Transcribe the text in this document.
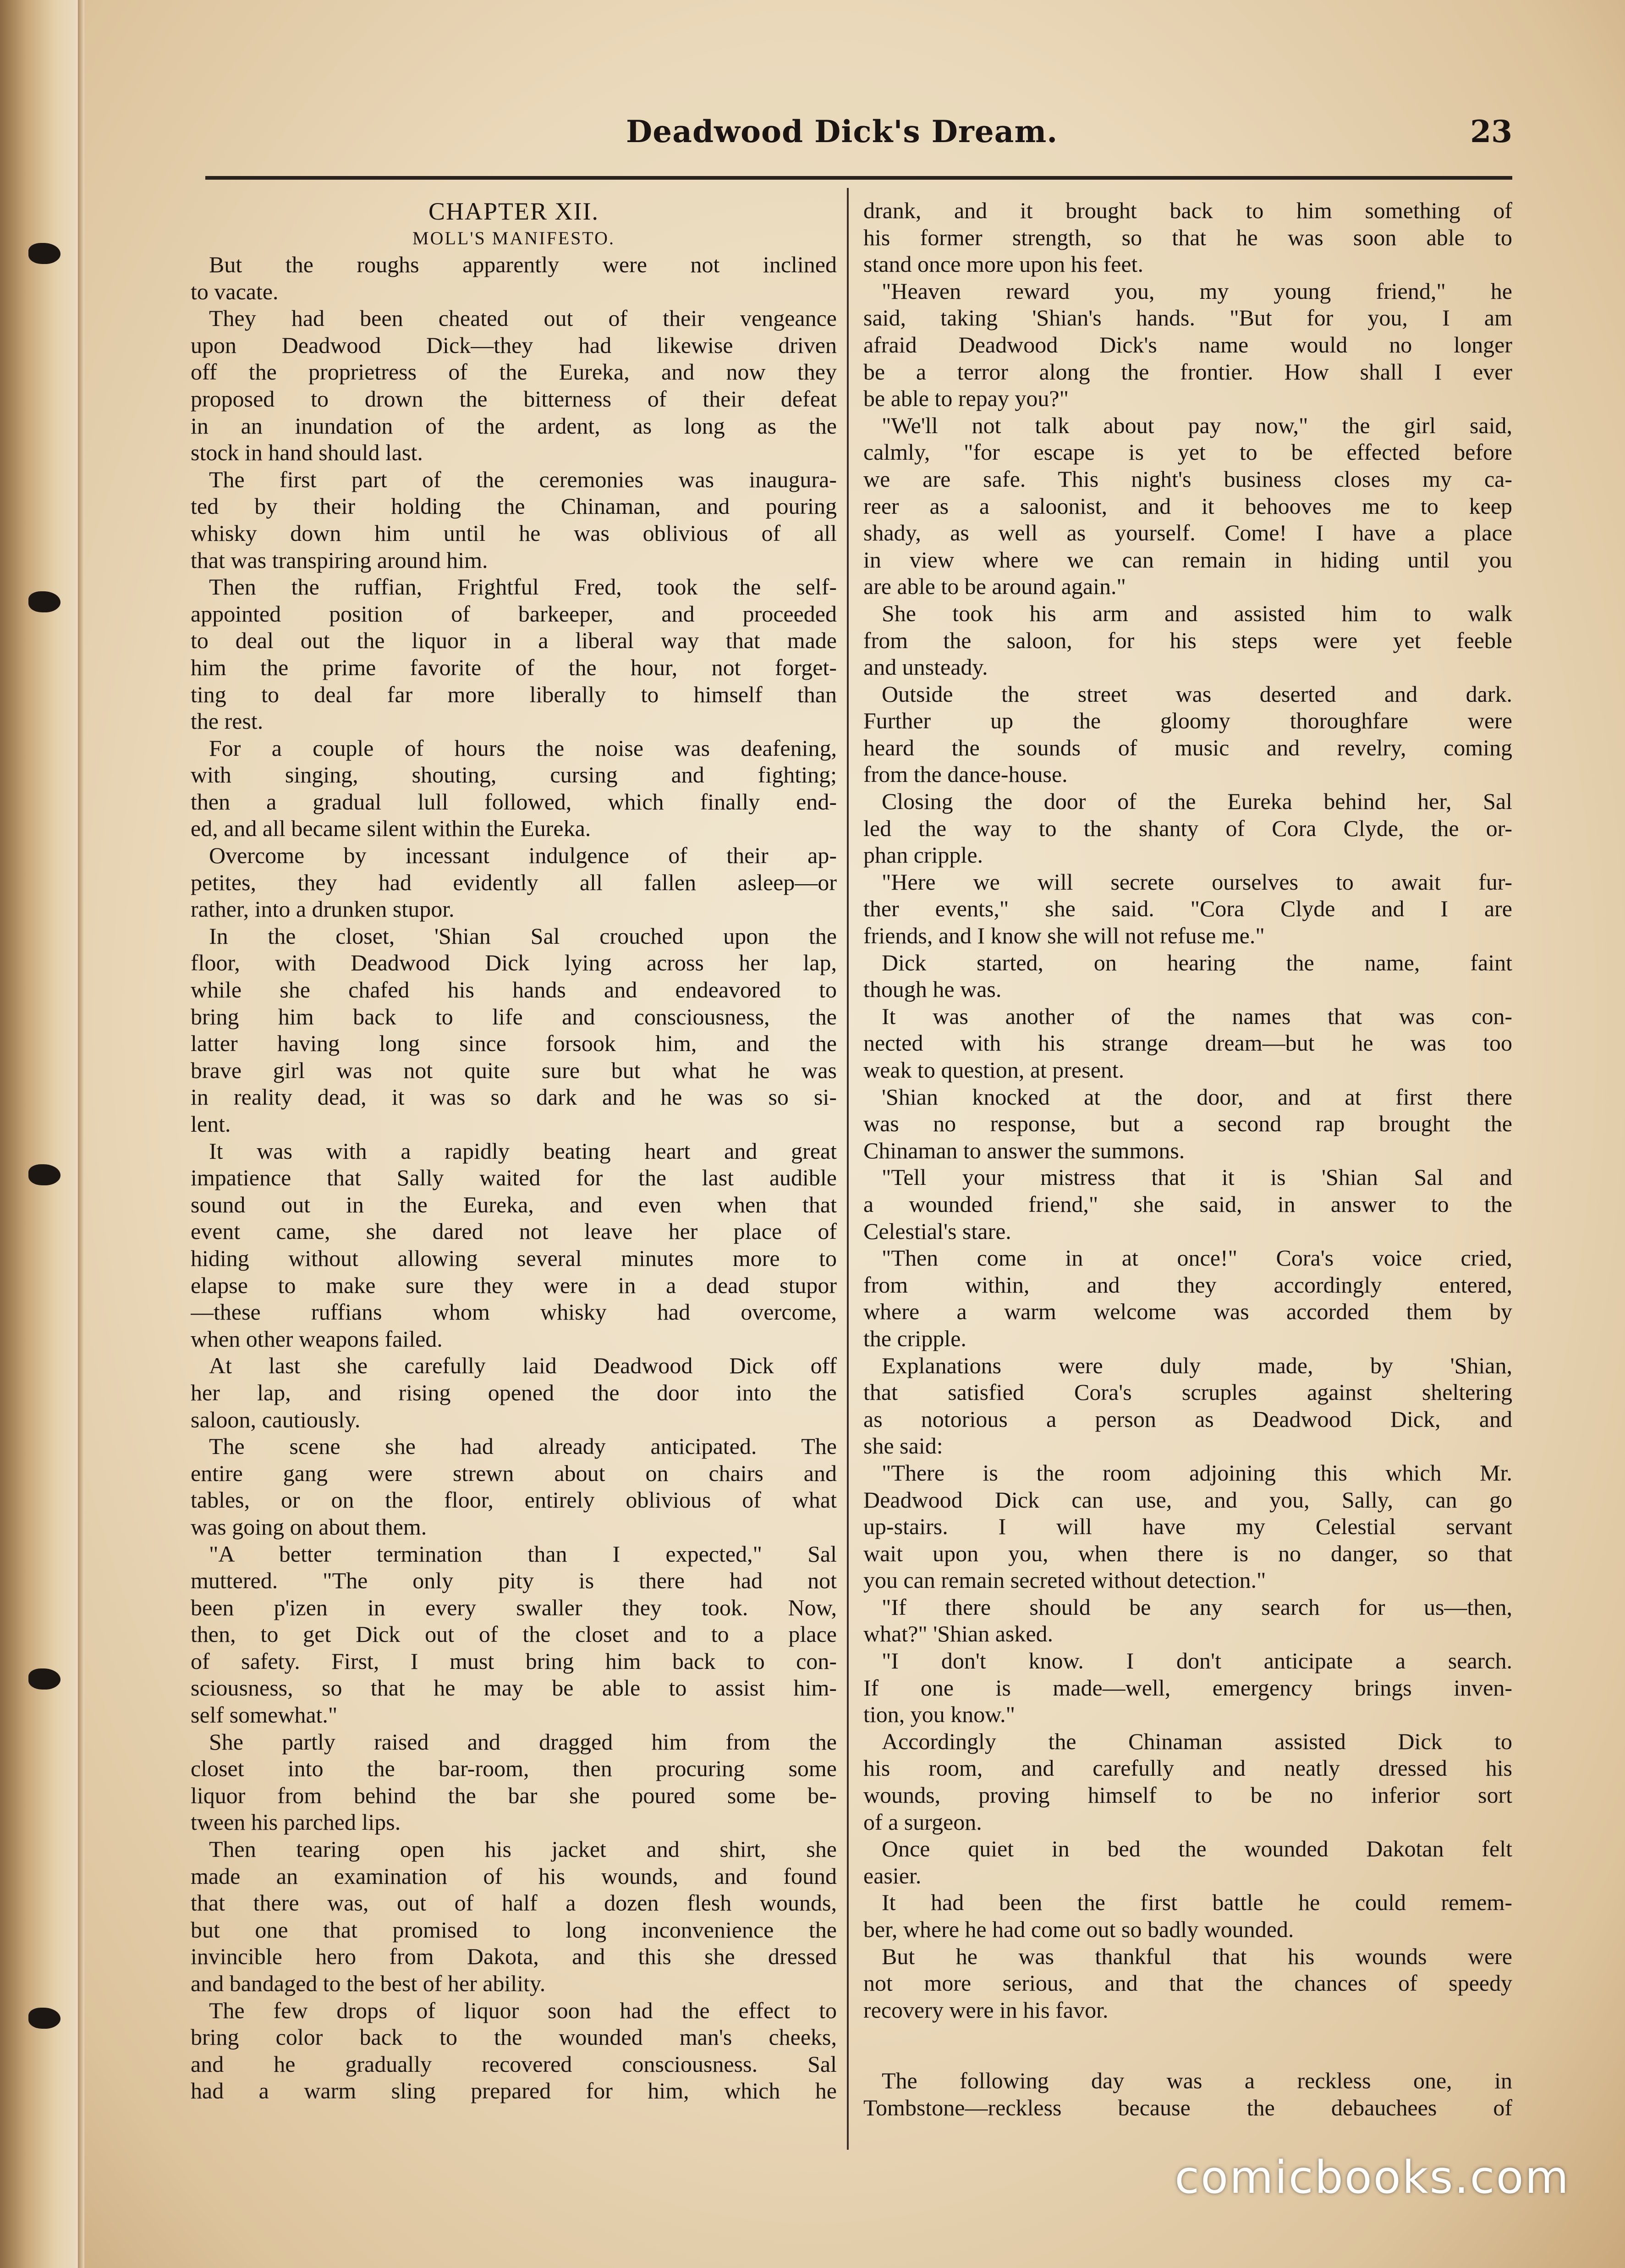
Deadwood Dick's Dream.	23
CHAPTER XII.
MOLL'S MANIFESTO.
But the roughs apparently were not inclined
to vacate.
They had been cheated out of their vengeance
upon Deadwood Dick—they had likewise driven
off the proprietress of the Eureka, and now they
proposed to drown the bitterness of their defeat
in an inundation of the ardent, as long as the
stock in hand should last.
The first part of the ceremonies was inaugura-
ted by their holding the Chinaman, and pouring
whisky down him until he was oblivious of all
that was transpiring around him.
Then the ruffian, Frightful Fred, took the self-
appointed position of barkeeper, and proceeded
to deal out the liquor in a liberal way that made
him the prime favorite of the hour, not forget-
ting to deal far more liberally to himself than
the rest.
For a couple of hours the noise was deafening,
with singing, shouting, cursing and fighting;
then a gradual lull followed, which finally end-
ed, and all became silent within the Eureka.
Overcome by incessant indulgence of their ap-
petites, they had evidently all fallen asleep—or
rather, into a drunken stupor.
In the closet, 'Shian Sal crouched upon the
floor, with Deadwood Dick lying across her lap,
while she chafed his hands and endeavored to
bring him back to life and consciousness, the
latter having long since forsook him, and the
brave girl was not quite sure but what he was
in reality dead, it was so dark and he was so si-
lent.
It was with a rapidly beating heart and great
impatience that Sally waited for the last audible
sound out in the Eureka, and even when that
event came, she dared not leave her place of
hiding without allowing several minutes more to
elapse to make sure they were in a dead stupor
—these ruffians whom whisky had overcome,
when other weapons failed.
At last she carefully laid Deadwood Dick off
her lap, and rising opened the door into the
saloon, cautiously.
The scene she had already anticipated. The
entire gang were strewn about on chairs and
tables, or on the floor, entirely oblivious of what
was going on about them.
"A better termination than I expected," Sal
muttered. "The only pity is there had not
been p'izen in every swaller they took. Now,
then, to get Dick out of the closet and to a place
of safety. First, I must bring him back to con-
sciousness, so that he may be able to assist him-
self somewhat."
She partly raised and dragged him from the
closet into the bar-room, then procuring some
liquor from behind the bar she poured some be-
tween his parched lips.
Then tearing open his jacket and shirt, she
made an examination of his wounds, and found
that there was, out of half a dozen flesh wounds,
but one that promised to long inconvenience the
invincible hero from Dakota, and this she dressed
and bandaged to the best of her ability.
The few drops of liquor soon had the effect to
bring color back to the wounded man's cheeks,
and he gradually recovered consciousness. Sal
had a warm sling prepared for him, which he
drank, and it brought back to him something of
his former strength, so that he was soon able to
stand once more upon his feet.
"Heaven reward you, my young friend," he
said, taking 'Shian's hands. "But for you, I am
afraid Deadwood Dick's name would no longer
be a terror along the frontier. How shall I ever
be able to repay you?"
"We'll not talk about pay now," the girl said,
calmly, "for escape is yet to be effected before
we are safe. This night's business closes my ca-
reer as a saloonist, and it behooves me to keep
shady, as well as yourself. Come! I have a place
in view where we can remain in hiding until you
are able to be around again."
She took his arm and assisted him to walk
from the saloon, for his steps were yet feeble
and unsteady.
Outside the street was deserted and dark.
Further up the gloomy thoroughfare were
heard the sounds of music and revelry, coming
from the dance-house.
Closing the door of the Eureka behind her, Sal
led the way to the shanty of Cora Clyde, the or-
phan cripple.
"Here we will secrete ourselves to await fur-
ther events," she said. "Cora Clyde and I are
friends, and I know she will not refuse me."
Dick started, on hearing the name, faint
though he was.
It was another of the names that was con-
nected with his strange dream—but he was too
weak to question, at present.
'Shian knocked at the door, and at first there
was no response, but a second rap brought the
Chinaman to answer the summons.
"Tell your mistress that it is 'Shian Sal and
a wounded friend," she said, in answer to the
Celestial's stare.
"Then come in at once!" Cora's voice cried,
from within, and they accordingly entered,
where a warm welcome was accorded them by
the cripple.
Explanations were duly made, by 'Shian,
that satisfied Cora's scruples against sheltering
as notorious a person as Deadwood Dick, and
she said:
"There is the room adjoining this which Mr.
Deadwood Dick can use, and you, Sally, can go
up-stairs. I will have my Celestial servant
wait upon you, when there is no danger, so that
you can remain secreted without detection."
"If there should be any search for us—then,
what?" 'Shian asked.
"I don't know. I don't anticipate a search.
If one is made—well, emergency brings inven-
tion, you know."
Accordingly the Chinaman assisted Dick to
his room, and carefully and neatly dressed his
wounds, proving himself to be no inferior sort
of a surgeon.
Once quiet in bed the wounded Dakotan felt
easier.
It had been the first battle he could remem-
ber, where he had come out so badly wounded.
But he was thankful that his wounds were
not more serious, and that the chances of speedy
recovery were in his favor.
The following day was a reckless one, in
Tombstone—reckless because the debauchees of
comicbooks.com
